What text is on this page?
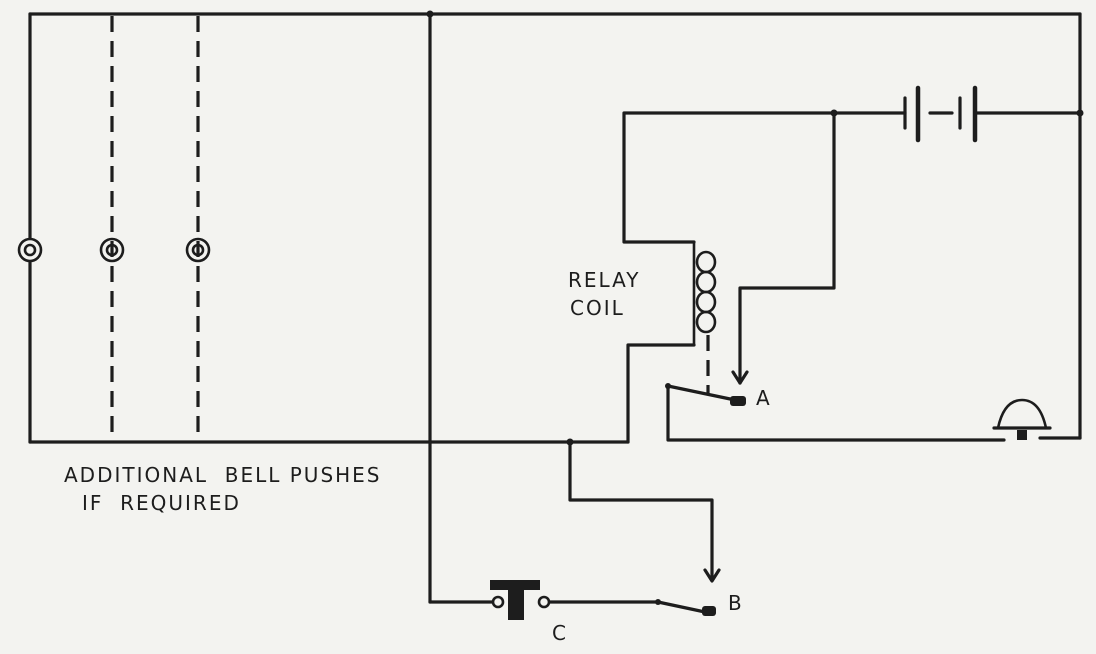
RELAY
COIL
A
B
C
ADDITIONAL  BELL PUSHES
IF  REQUIRED
